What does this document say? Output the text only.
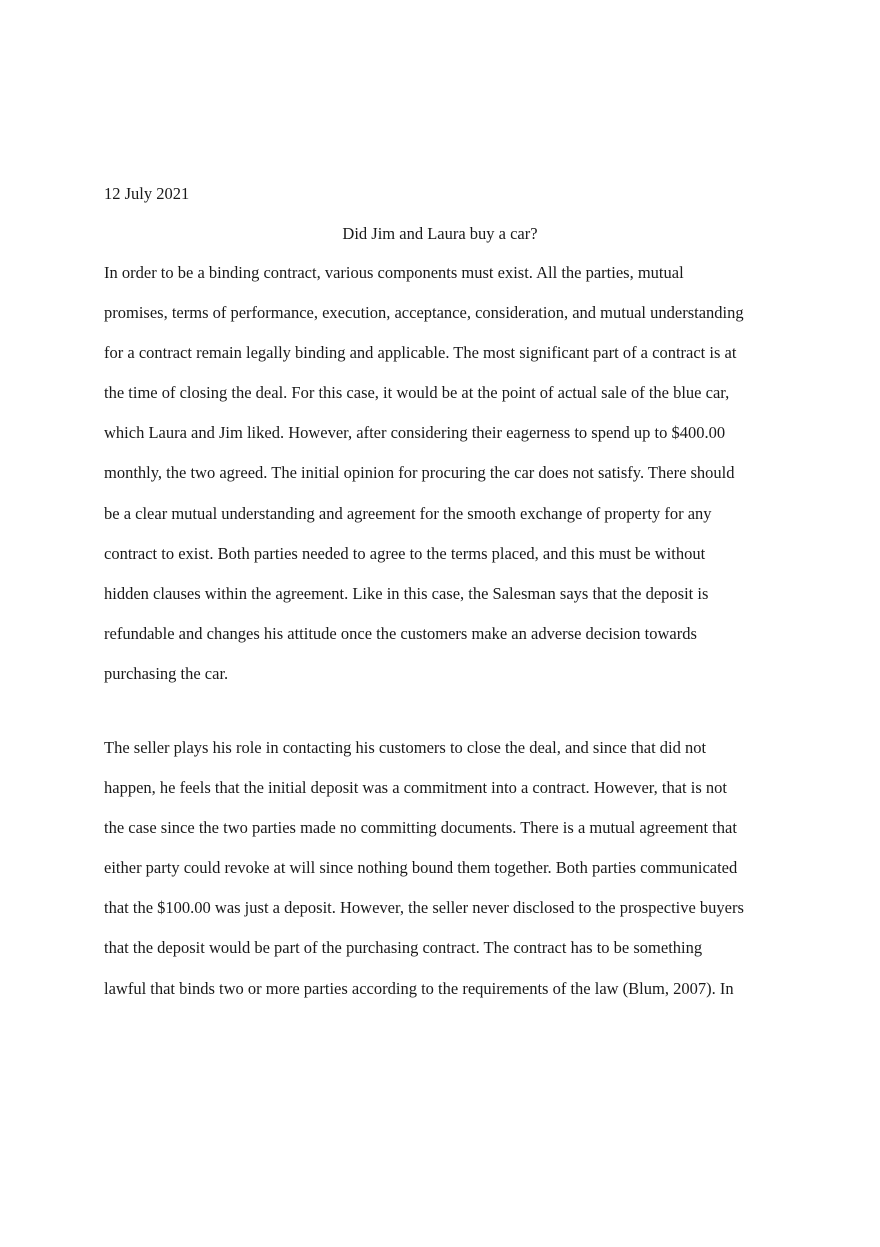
12 July 2021
Did Jim and Laura buy a car?
In order to be a binding contract, various components must exist. All the parties, mutual
promises, terms of performance, execution, acceptance, consideration, and mutual understanding
for a contract remain legally binding and applicable. The most significant part of a contract is at
the time of closing the deal. For this case, it would be at the point of actual sale of the blue car,
which Laura and Jim liked. However, after considering their eagerness to spend up to $400.00
monthly, the two agreed. The initial opinion for procuring the car does not satisfy. There should
be a clear mutual understanding and agreement for the smooth exchange of property for any
contract to exist. Both parties needed to agree to the terms placed, and this must be without
hidden clauses within the agreement. Like in this case, the Salesman says that the deposit is
refundable and changes his attitude once the customers make an adverse decision towards
purchasing the car.
The seller plays his role in contacting his customers to close the deal, and since that did not
happen, he feels that the initial deposit was a commitment into a contract. However, that is not
the case since the two parties made no committing documents. There is a mutual agreement that
either party could revoke at will since nothing bound them together. Both parties communicated
that the $100.00 was just a deposit. However, the seller never disclosed to the prospective buyers
that the deposit would be part of the purchasing contract. The contract has to be something
lawful that binds two or more parties according to the requirements of the law (Blum, 2007). In
